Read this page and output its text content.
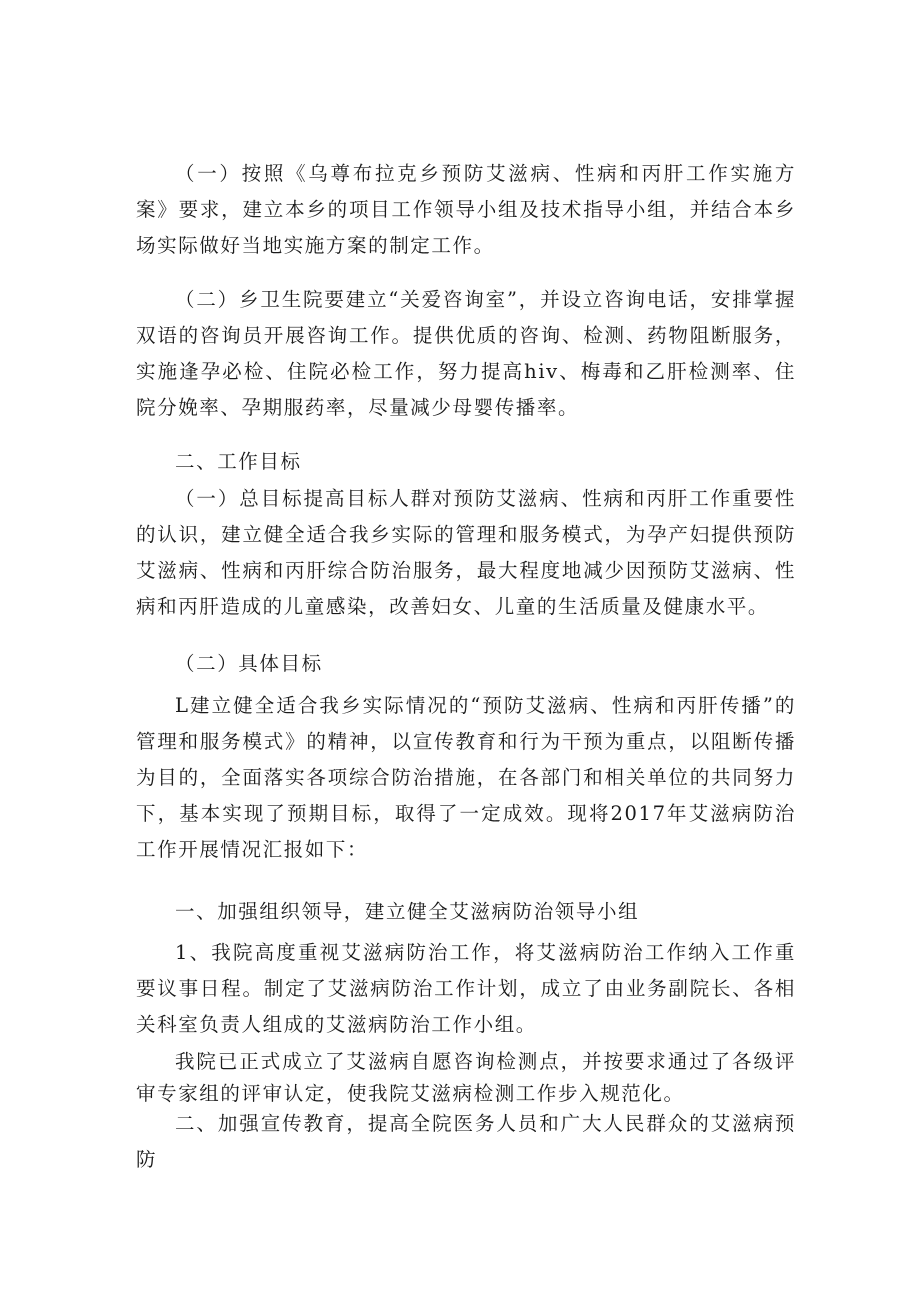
（一）按照《乌尊布拉克乡预防艾滋病、性病和丙肝工作实施方案》要求，建立本乡的项目工作领导小组及技术指导小组，并结合本乡场实际做好当地实施方案的制定工作。

（二）乡卫生院要建立“关爱咨询室”，并设立咨询电话，安排掌握双语的咨询员开展咨询工作。提供优质的咨询、检测、药物阻断服务，实施逢孕必检、住院必检工作，努力提高hiv、梅毒和乙肝检测率、住院分娩率、孕期服药率，尽量减少母婴传播率。

二、工作目标

（一）总目标提高目标人群对预防艾滋病、性病和丙肝工作重要性的认识，建立健全适合我乡实际的管理和服务模式，为孕产妇提供预防艾滋病、性病和丙肝综合防治服务，最大程度地减少因预防艾滋病、性病和丙肝造成的儿童感染，改善妇女、儿童的生活质量及健康水平。

（二）具体目标

L建立健全适合我乡实际情况的“预防艾滋病、性病和丙肝传播”的管理和服务模式》的精神，以宣传教育和行为干预为重点，以阻断传播为目的，全面落实各项综合防治措施，在各部门和相关单位的共同努力下，基本实现了预期目标，取得了一定成效。现将2017年艾滋病防治工作开展情况汇报如下：

一、加强组织领导，建立健全艾滋病防治领导小组

1、我院高度重视艾滋病防治工作，将艾滋病防治工作纳入工作重要议事日程。制定了艾滋病防治工作计划，成立了由业务副院长、各相关科室负责人组成的艾滋病防治工作小组。

我院已正式成立了艾滋病自愿咨询检测点，并按要求通过了各级评审专家组的评审认定，使我院艾滋病检测工作步入规范化。

二、加强宣传教育，提高全院医务人员和广大人民群众的艾滋病预防
